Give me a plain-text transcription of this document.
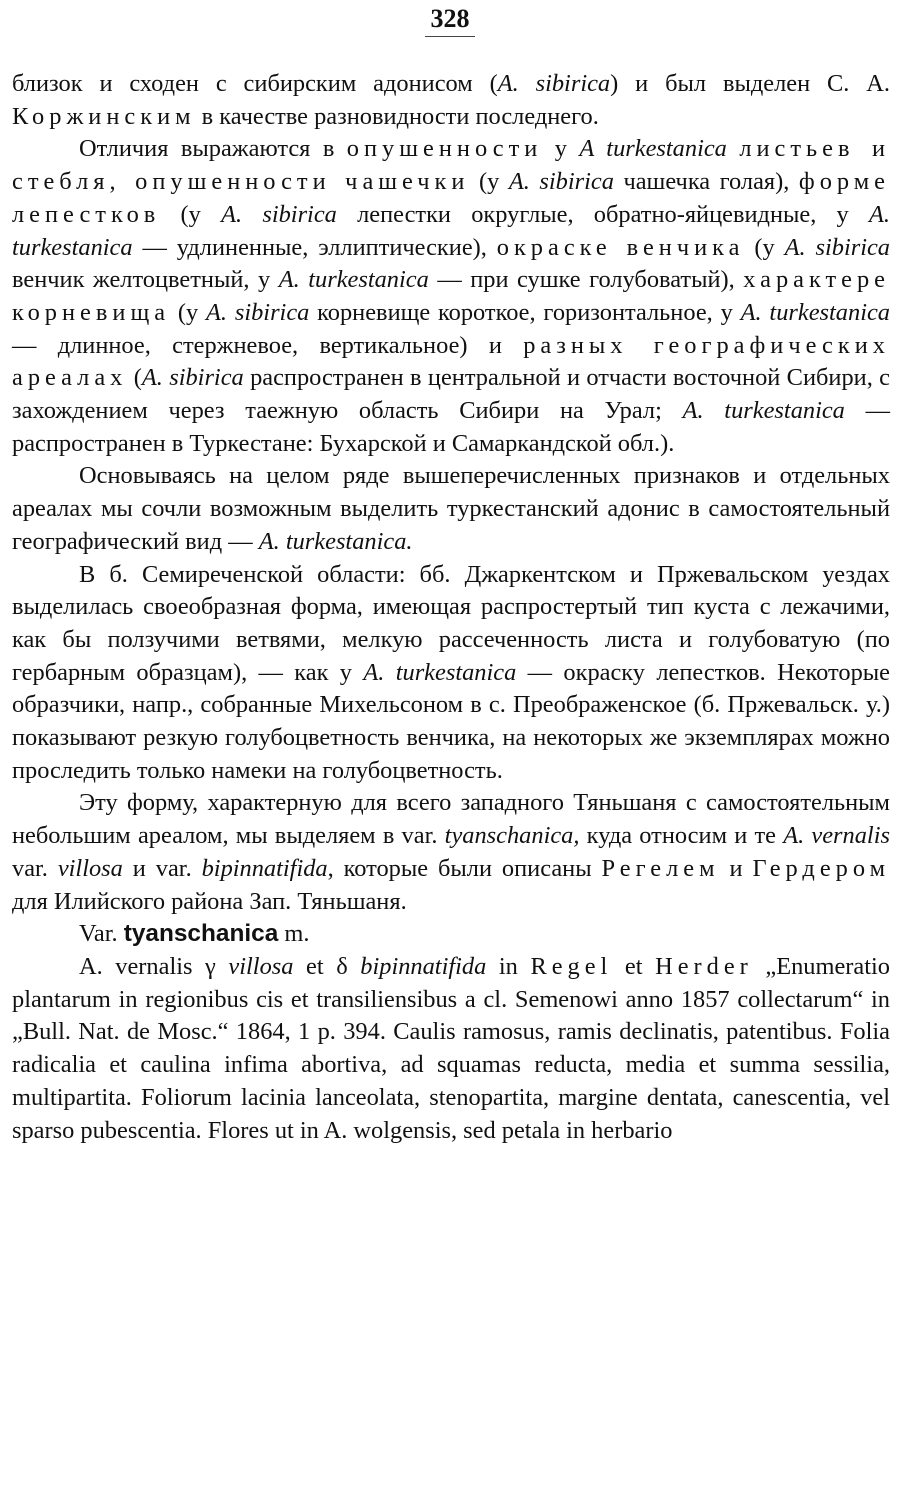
328

близок и сходен с сибирским адонисом (A. sibirica) и был выделен С. А. Коржинским в качестве разновидности последнего.

Отличия выражаются в опушенности у A turkestanica листьев и стебля, опушенности чашечки (у A. sibirica чашечка голая), форме лепестков (у A. sibirica лепестки округлые, обратно-яйцевидные, у A. turkestanica — удлиненные, эллиптические), окраске венчика (у A. sibirica венчик желтоцветный, у A. turkestanica — при сушке голубоватый), характере корневища (у A. sibirica корневище короткое, горизонтальное, у A. turkestanica — длинное, стержневое, вертикальное) и разных географических ареалах (A. sibirica распространен в центральной и отчасти восточной Сибири, с захождением через таежную область Сибири на Урал; A. turkestanica — распространен в Туркестане: Бухарской и Самаркандской обл.).

Основываясь на целом ряде вышеперечисленных признаков и отдельных ареалах мы сочли возможным выделить туркестанский адонис в самостоятельный географический вид — A. turkestanica.

В б. Семиреченской области: бб. Джаркентском и Пржевальском уездах выделилась своеобразная форма, имеющая распростертый тип куста с лежачими, как бы ползучими ветвями, мелкую рассеченность листа и голубоватую (по гербарным образцам), — как у A. turkestanica — окраску лепестков. Некоторые образчики, напр., собранные Михельсоном в с. Преображенское (б. Пржевальск. у.) показывают резкую голубоцветность венчика, на некоторых же экземплярах можно проследить только намеки на голубоцветность.

Эту форму, характерную для всего западного Тяньшаня с самостоятельным небольшим ареалом, мы выделяем в var. tyanschanica, куда относим и те A. vernalis var. villosa и var. bipinnatifida, которые были описаны Регелем и Гердером для Илийского района Зап. Тяньшаня.

Var. tyanschanica m.

A. vernalis γ villosa et δ bipinnatifida in Regel et Herder „Enumeratio plantarum in regionibus cis et transiliensibus a cl. Semenowi anno 1857 collectarum“ in „Bull. Nat. de Mosc.“ 1864, 1 p. 394. Caulis ramosus, ramis declinatis, patentibus. Folia radicalia et caulina infima abortiva, ad squamas reducta, media et summa sessilia, multipartita. Foliorum lacinia lanceolata, stenopartita, margine dentata, canescentia, vel sparso pubescentia. Flores ut in A. wolgensis, sed petala in herbario
